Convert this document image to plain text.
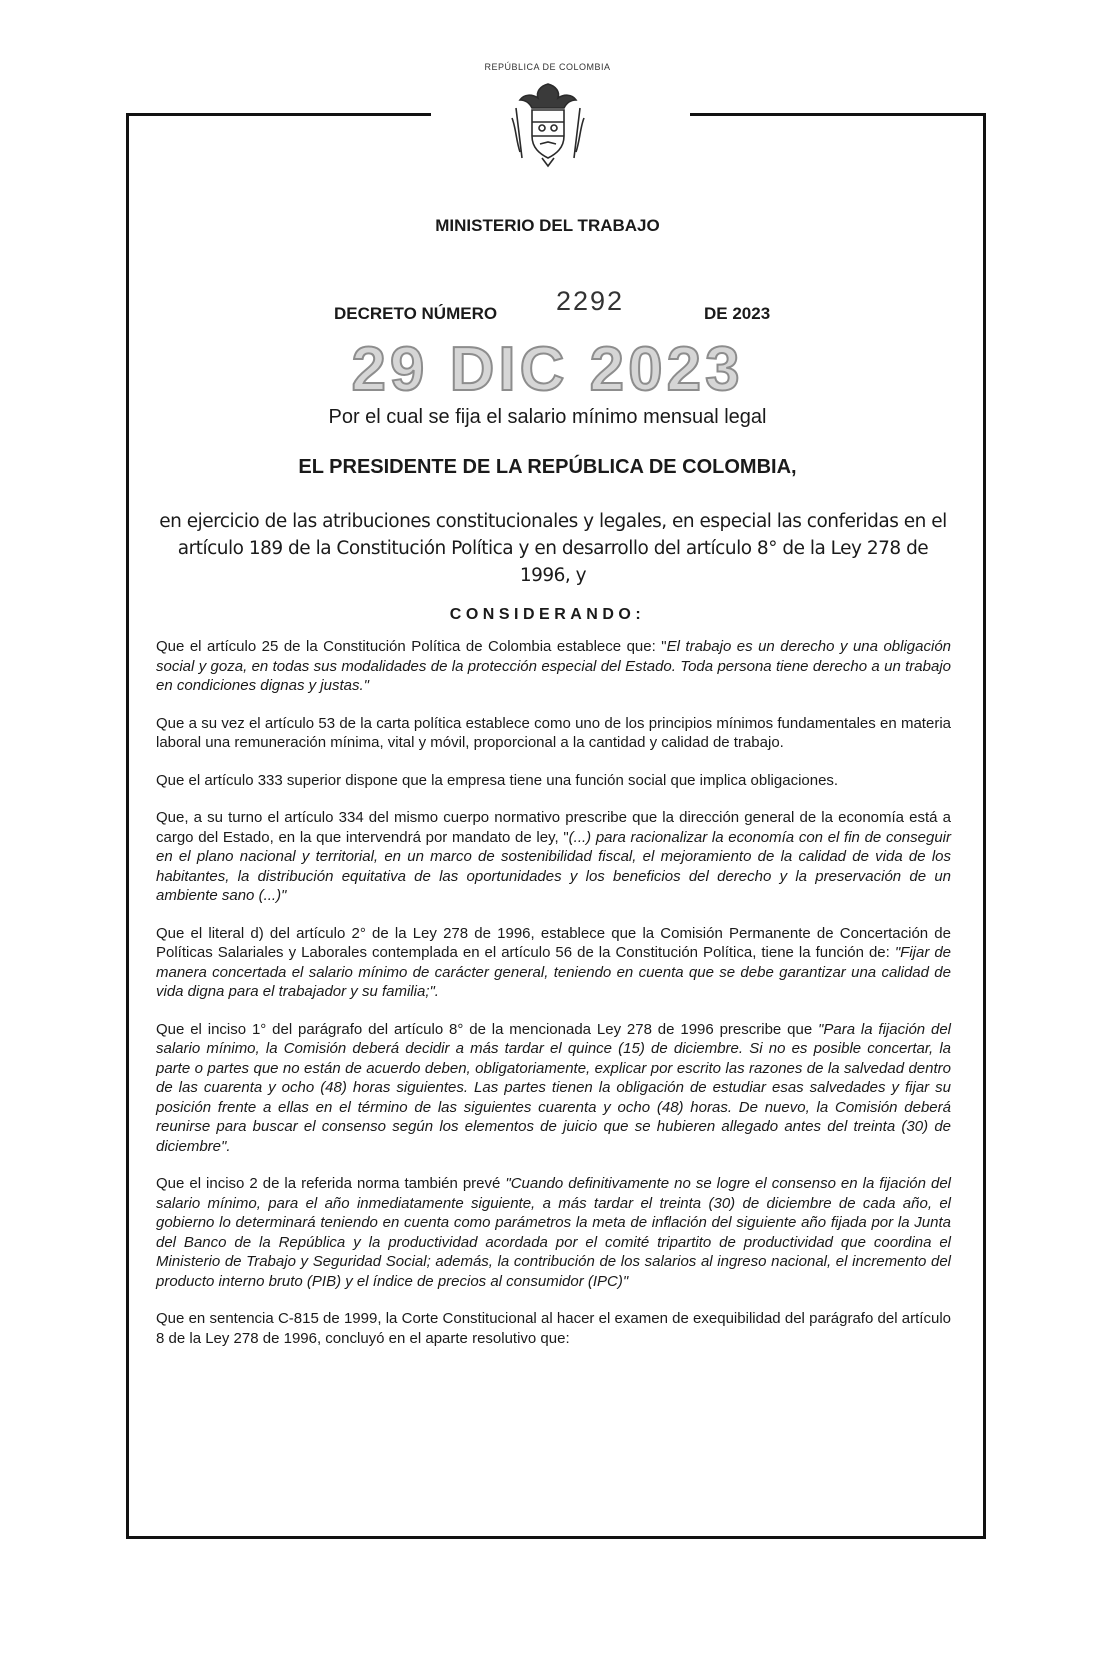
REPÚBLICA DE COLOMBIA
MINISTERIO DEL TRABAJO
DECRETO NÚMERO 2292	DE 2023
29 DIC 2023
Por el cual se fija el salario mínimo mensual legal
EL PRESIDENTE DE LA REPÚBLICA DE COLOMBIA,
en ejercicio de las atribuciones constitucionales y legales, en especial las conferidas en el artículo 189 de la Constitución Política y en desarrollo del artículo 8° de la Ley 278 de 1996, y
CONSIDERANDO:

Que el artículo 25 de la Constitución Política de Colombia establece que: "El trabajo es un derecho y una obligación social y goza, en todas sus modalidades de la protección especial del Estado. Toda persona tiene derecho a un trabajo en condiciones dignas y justas."

Que a su vez el artículo 53 de la carta política establece como uno de los principios mínimos fundamentales en materia laboral una remuneración mínima, vital y móvil, proporcional a la cantidad y calidad de trabajo.

Que el artículo 333 superior dispone que la empresa tiene una función social que implica obligaciones.

Que, a su turno el artículo 334 del mismo cuerpo normativo prescribe que la dirección general de la economía está a cargo del Estado, en la que intervendrá por mandato de ley, "(...) para racionalizar la economía con el fin de conseguir en el plano nacional y territorial, en un marco de sostenibilidad fiscal, el mejoramiento de la calidad de vida de los habitantes, la distribución equitativa de las oportunidades y los beneficios del derecho y la preservación de un ambiente sano (...)"

Que el literal d) del artículo 2° de la Ley 278 de 1996, establece que la Comisión Permanente de Concertación de Políticas Salariales y Laborales contemplada en el artículo 56 de la Constitución Política, tiene la función de: "Fijar de manera concertada el salario mínimo de carácter general, teniendo en cuenta que se debe garantizar una calidad de vida digna para el trabajador y su familia;".

Que el inciso 1° del parágrafo del artículo 8° de la mencionada Ley 278 de 1996 prescribe que "Para la fijación del salario mínimo, la Comisión deberá decidir a más tardar el quince (15) de diciembre. Si no es posible concertar, la parte o partes que no están de acuerdo deben, obligatoriamente, explicar por escrito las razones de la salvedad dentro de las cuarenta y ocho (48) horas siguientes. Las partes tienen la obligación de estudiar esas salvedades y fijar su posición frente a ellas en el término de las siguientes cuarenta y ocho (48) horas. De nuevo, la Comisión deberá reunirse para buscar el consenso según los elementos de juicio que se hubieren allegado antes del treinta (30) de diciembre".

Que el inciso 2 de la referida norma también prevé "Cuando definitivamente no se logre el consenso en la fijación del salario mínimo, para el año inmediatamente siguiente, a más tardar el treinta (30) de diciembre de cada año, el gobierno lo determinará teniendo en cuenta como parámetros la meta de inflación del siguiente año fijada por la Junta del Banco de la República y la productividad acordada por el comité tripartito de productividad que coordina el Ministerio de Trabajo y Seguridad Social; además, la contribución de los salarios al ingreso nacional, el incremento del producto interno bruto (PIB) y el índice de precios al consumidor (IPC)"

Que en sentencia C-815 de 1999, la Corte Constitucional al hacer el examen de exequibilidad del parágrafo del artículo 8 de la Ley 278 de 1996, concluyó en el aparte resolutivo que:
